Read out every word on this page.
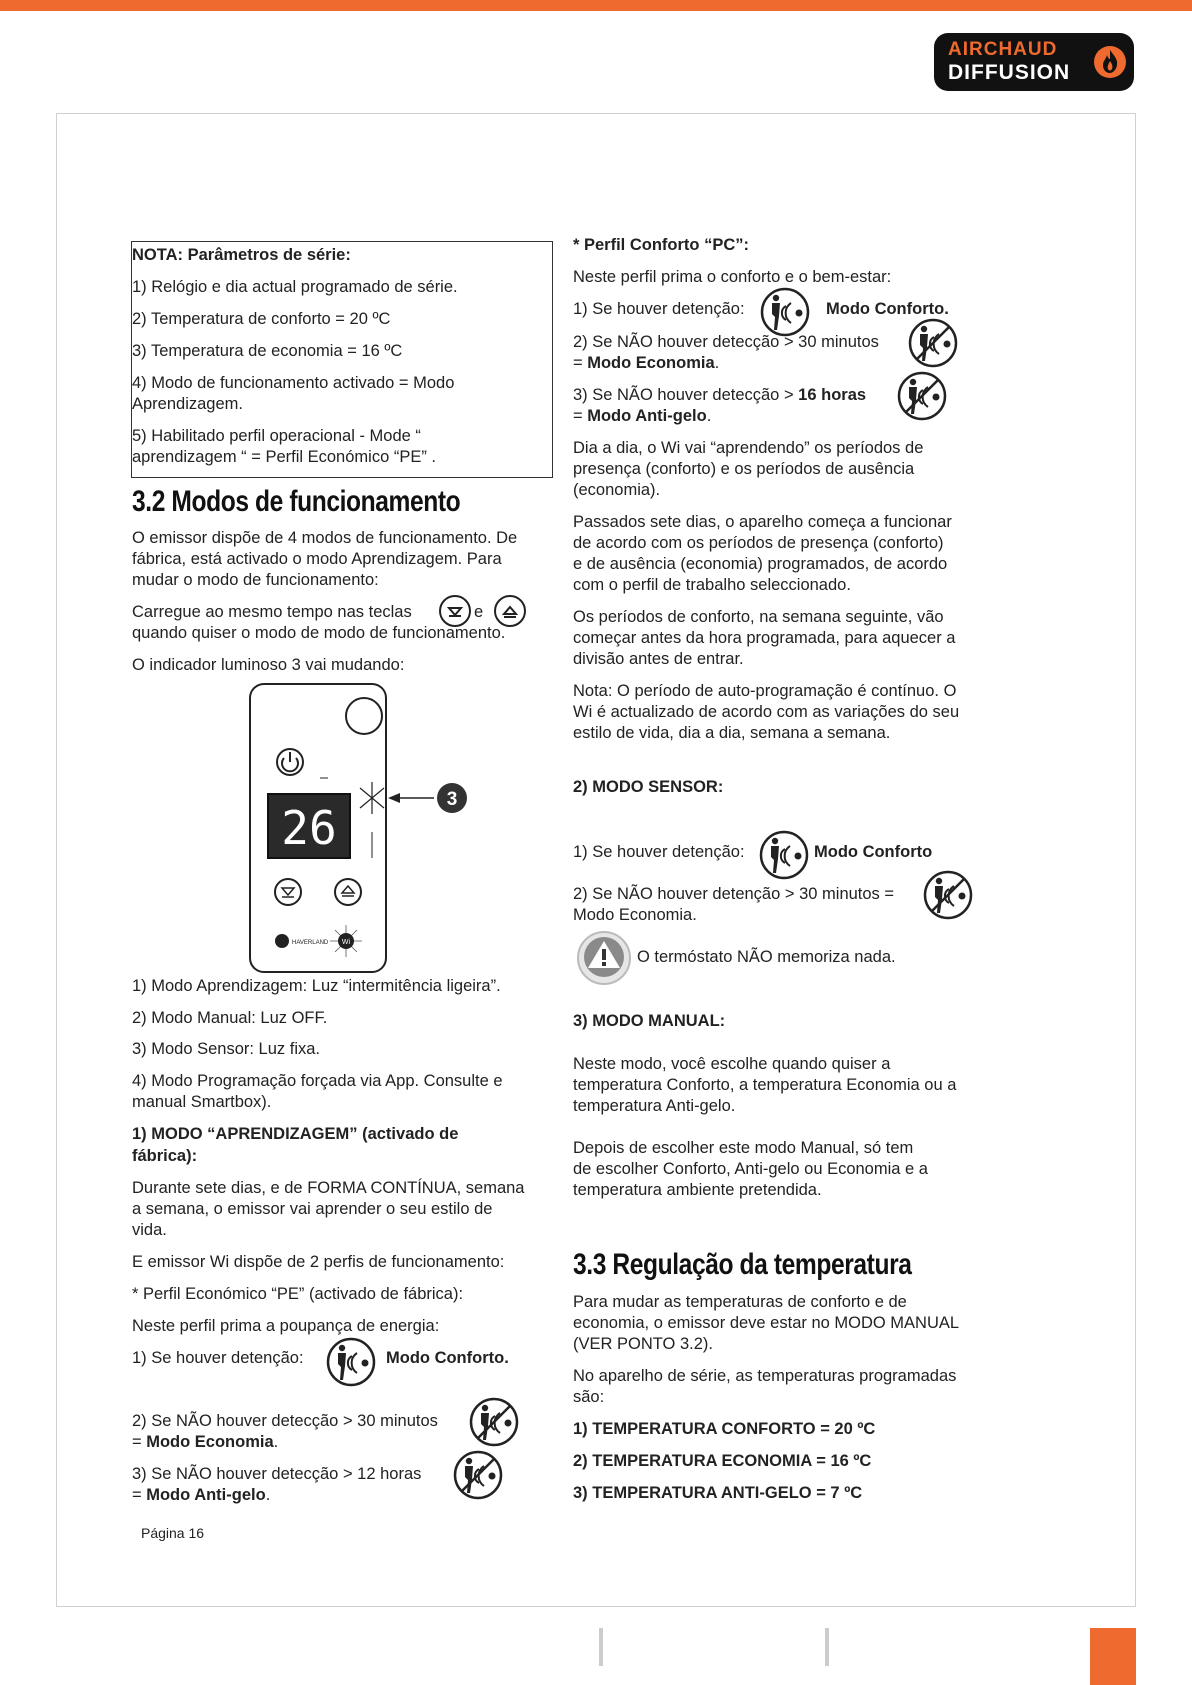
AIRCHAUD
DIFFUSION
NOTA: Parâmetros de série:
1) Relógio e dia actual programado de série.
2) Temperatura de conforto = 20 ºC
3) Temperatura de economia = 16 ºC
4) Modo de funcionamento activado = Modo
Aprendizagem.
5) Habilitado perfil operacional - Mode “
aprendizagem “ = Perfil Económico “PE” .
3.2 Modos de funcionamento
O emissor dispõe de 4 modos de funcionamento. De
fábrica, está activado o modo Aprendizagem. Para
mudar o modo de funcionamento:
Carregue ao mesmo tempo nas teclas	e
quando quiser o modo de modo de funcionamento.
O indicador luminoso 3 vai mudando:
26
3
HAVERLAND Wi
1) Modo Aprendizagem: Luz “intermitência ligeira”.
2) Modo Manual: Luz OFF.
3) Modo Sensor: Luz fixa.
4) Modo Programação forçada via App. Consulte e
manual Smartbox).
1) MODO “APRENDIZAGEM” (activado de
fábrica):
Durante sete dias, e de FORMA CONTÍNUA, semana
a semana, o emissor vai aprender o seu estilo de
vida.
E emissor Wi dispõe de 2 perfis de funcionamento:
* Perfil Económico “PE” (activado de fábrica):
Neste perfil prima a poupança de energia:
1) Se houver detenção:	Modo Conforto.
2) Se NÃO houver detecção > 30 minutos
= Modo Economia.
3) Se NÃO houver detecção > 12 horas
= Modo Anti-gelo.
Página 16
* Perfil Conforto “PC”:
Neste perfil prima o conforto e o bem-estar:
1) Se houver detenção:	Modo Conforto.
2) Se NÃO houver detecção > 30 minutos
= Modo Economia.
3) Se NÃO houver detecção > 16 horas
= Modo Anti-gelo.
Dia a dia, o Wi vai “aprendendo” os períodos de
presença (conforto) e os períodos de ausência
(economia).
Passados sete dias, o aparelho começa a funcionar
de acordo com os períodos de presença (conforto)
e de ausência (economia) programados, de acordo
com o perfil de trabalho seleccionado.
Os períodos de conforto, na semana seguinte, vão
começar antes da hora programada, para aquecer a
divisão antes de entrar.
Nota: O período de auto-programação é contínuo. O
Wi é actualizado de acordo com as variações do seu
estilo de vida, dia a dia, semana a semana.
2) MODO SENSOR:
1) Se houver detenção:	Modo Conforto
2) Se NÃO houver detenção > 30 minutos =
Modo Economia.
O termóstato NÃO memoriza nada.
3) MODO MANUAL:
Neste modo, você escolhe quando quiser a
temperatura Conforto, a temperatura Economia ou a
temperatura Anti-gelo.
Depois de escolher este modo Manual, só tem
de escolher Conforto, Anti-gelo ou Economia e a
temperatura ambiente pretendida.
3.3 Regulação da temperatura
Para mudar as temperaturas de conforto e de
economia, o emissor deve estar no MODO MANUAL
(VER PONTO 3.2).
No aparelho de série, as temperaturas programadas
são:
1) TEMPERATURA CONFORTO = 20 ºC
2) TEMPERATURA ECONOMIA = 16 ºC
3) TEMPERATURA ANTI-GELO = 7 ºC
